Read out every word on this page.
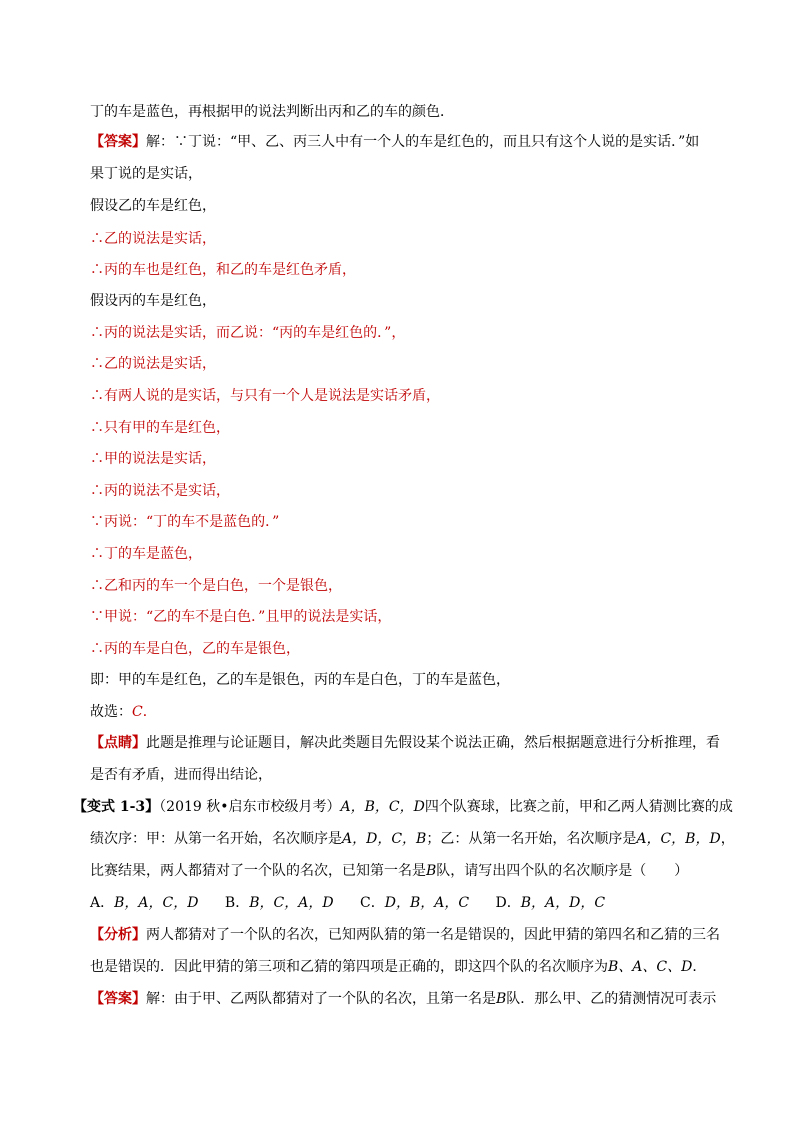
丁的车是蓝色，再根据甲的说法判断出丙和乙的车的颜色．
【答案】解：∵丁说：“甲、乙、丙三人中有一个人的车是红色的，而且只有这个人说的是实话．”如
果丁说的是实话，
假设乙的车是红色，
∴乙的说法是实话，
∴丙的车也是红色，和乙的车是红色矛盾，
假设丙的车是红色，
∴丙的说法是实话，而乙说：“丙的车是红色的．”，
∴乙的说法是实话，
∴有两人说的是实话，与只有一个人是说法是实话矛盾，
∴只有甲的车是红色，
∴甲的说法是实话，
∴丙的说法不是实话，
∵丙说：“丁的车不是蓝色的．”
∴丁的车是蓝色，
∴乙和丙的车一个是白色，一个是银色，
∵甲说：“乙的车不是白色．”且甲的说法是实话，
∴丙的车是白色，乙的车是银色，
即：甲的车是红色，乙的车是银色，丙的车是白色，丁的车是蓝色，
故选：C．
【点睛】此题是推理与论证题目，解决此类题目先假设某个说法正确，然后根据题意进行分析推理，看
是否有矛盾，进而得出结论，
【变式 1-3】（2019 秋•启东市校级月考）A，B，C，D四个队赛球，比赛之前，甲和乙两人猜测比赛的成
绩次序：甲：从第一名开始，名次顺序是A，D，C，B；乙：从第一名开始，名次顺序是A，C，B，D，
比赛结果，两人都猜对了一个队的名次，已知第一名是B队，请写出四个队的名次顺序是（　　）
A．B，A，C，D B．B，C，A，D C．D，B，A，C D．B，A，D，C
【分析】两人都猜对了一个队的名次，已知两队猜的第一名是错误的，因此甲猜的第四名和乙猜的三名
也是错误的．因此甲猜的第三项和乙猜的第四项是正确的，即这四个队的名次顺序为B、A、C、D．
【答案】解：由于甲、乙两队都猜对了一个队的名次，且第一名是B队．那么甲、乙的猜测情况可表示
